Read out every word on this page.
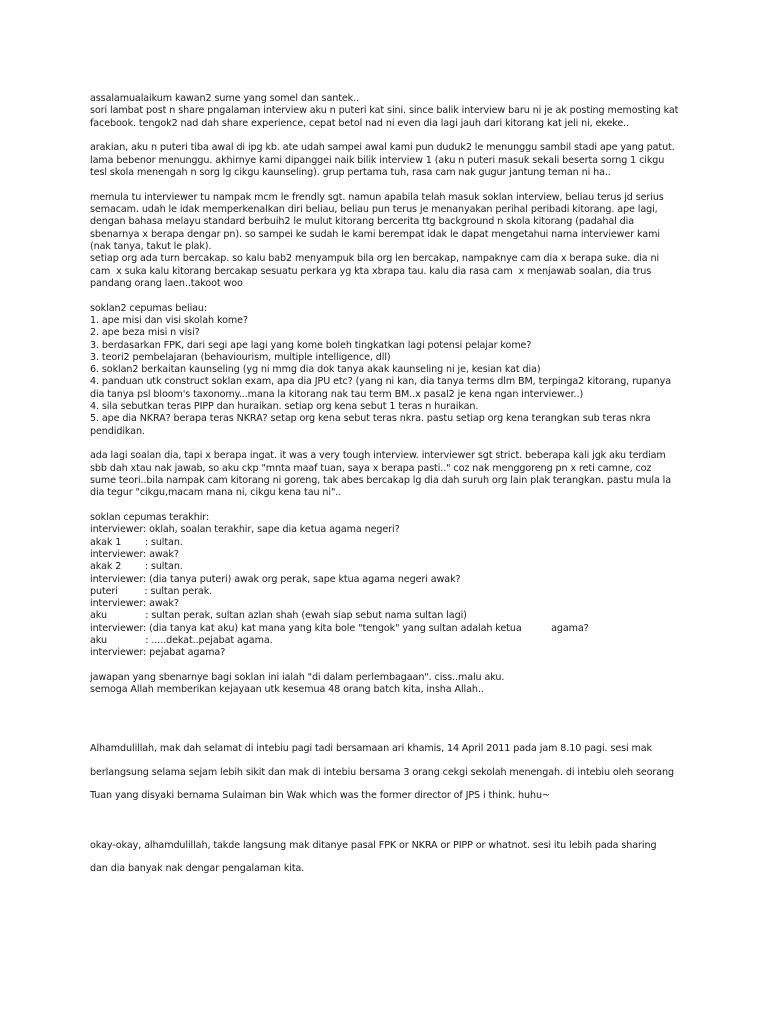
assalamualaikum kawan2 sume yang somel dan santek..
sori lambat post n share pngalaman interview aku n puteri kat sini. since balik interview baru ni je ak posting memosting kat
facebook. tengok2 nad dah share experience, cepat betol nad ni even dia lagi jauh dari kitorang kat jeli ni, ekeke..
arakian, aku n puteri tiba awal di ipg kb. ate udah sampei awal kami pun duduk2 le menunggu sambil stadi ape yang patut.
lama bebenor menunggu. akhirnye kami dipanggei naik bilik interview 1 (aku n puteri masuk sekali beserta sorng 1 cikgu
tesl skola menengah n sorg lg cikgu kaunseling). grup pertama tuh, rasa cam nak gugur jantung teman ni ha..
memula tu interviewer tu nampak mcm le frendly sgt. namun apabila telah masuk soklan interview, beliau terus jd serius
semacam. udah le idak memperkenalkan diri beliau, beliau pun terus je menanyakan perihal peribadi kitorang. ape lagi,
dengan bahasa melayu standard berbuih2 le mulut kitorang bercerita ttg background n skola kitorang (padahal dia
sbenarnya x berapa dengar pn). so sampei ke sudah le kami berempat idak le dapat mengetahui nama interviewer kami
(nak tanya, takut le plak).
setiap org ada turn bercakap. so kalu bab2 menyampuk bila org len bercakap, nampaknye cam dia x berapa suke. dia ni
cam  x suka kalu kitorang bercakap sesuatu perkara yg kta xbrapa tau. kalu dia rasa cam  x menjawab soalan, dia trus
pandang orang laen..takoot woo
soklan2 cepumas beliau:
1. ape misi dan visi skolah kome?
2. ape beza misi n visi?
3. berdasarkan FPK, dari segi ape lagi yang kome boleh tingkatkan lagi potensi pelajar kome?
3. teori2 pembelajaran (behaviourism, multiple intelligence, dll)
6. soklan2 berkaitan kaunseling (yg ni mmg dia dok tanya akak kaunseling ni je, kesian kat dia)
4. panduan utk construct soklan exam, apa dia JPU etc? (yang ni kan, dia tanya terms dlm BM, terpinga2 kitorang, rupanya
dia tanya psl bloom's taxonomy...mana la kitorang nak tau term BM..x pasal2 je kena ngan interviewer..)
4. sila sebutkan teras PIPP dan huraikan. setiap org kena sebut 1 teras n huraikan.
5. ape dia NKRA? berapa teras NKRA? setap org kena sebut teras nkra. pastu setiap org kena terangkan sub teras nkra
pendidikan.
ada lagi soalan dia, tapi x berapa ingat. it was a very tough interview. interviewer sgt strict. beberapa kali jgk aku terdiam
sbb dah xtau nak jawab, so aku ckp "mnta maaf tuan, saya x berapa pasti.." coz nak menggoreng pn x reti camne, coz
sume teori..bila nampak cam kitorang ni goreng, tak abes bercakap lg dia dah suruh org lain plak terangkan. pastu mula la
dia tegur "cikgu,macam mana ni, cikgu kena tau ni"..
soklan cepumas terakhir:
interviewer: oklah, soalan terakhir, sape dia ketua agama negeri?
akak 1        : sultan.
interviewer: awak?
akak 2        : sultan.
interviewer: (dia tanya puteri) awak org perak, sape ktua agama negeri awak?
puteri         : sultan perak.
interviewer: awak?
aku             : sultan perak, sultan azlan shah (ewah siap sebut nama sultan lagi)
interviewer: (dia tanya kat aku) kat mana yang kita bole "tengok" yang sultan adalah ketua          agama?
aku             : .....dekat..pejabat agama.
interviewer: pejabat agama?
jawapan yang sbenarnye bagi soklan ini ialah "di dalam perlembagaan". ciss..malu aku.
semoga Allah memberikan kejayaan utk kesemua 48 orang batch kita, insha Allah..
Alhamdulillah, mak dah selamat di intebiu pagi tadi bersamaan ari khamis, 14 April 2011 pada jam 8.10 pagi. sesi mak
berlangsung selama sejam lebih sikit dan mak di intebiu bersama 3 orang cekgi sekolah menengah. di intebiu oleh seorang
Tuan yang disyaki bernama Sulaiman bin Wak which was the former director of JPS i think. huhu~
okay-okay, alhamdulillah, takde langsung mak ditanye pasal FPK or NKRA or PIPP or whatnot. sesi itu lebih pada sharing
dan dia banyak nak dengar pengalaman kita.
